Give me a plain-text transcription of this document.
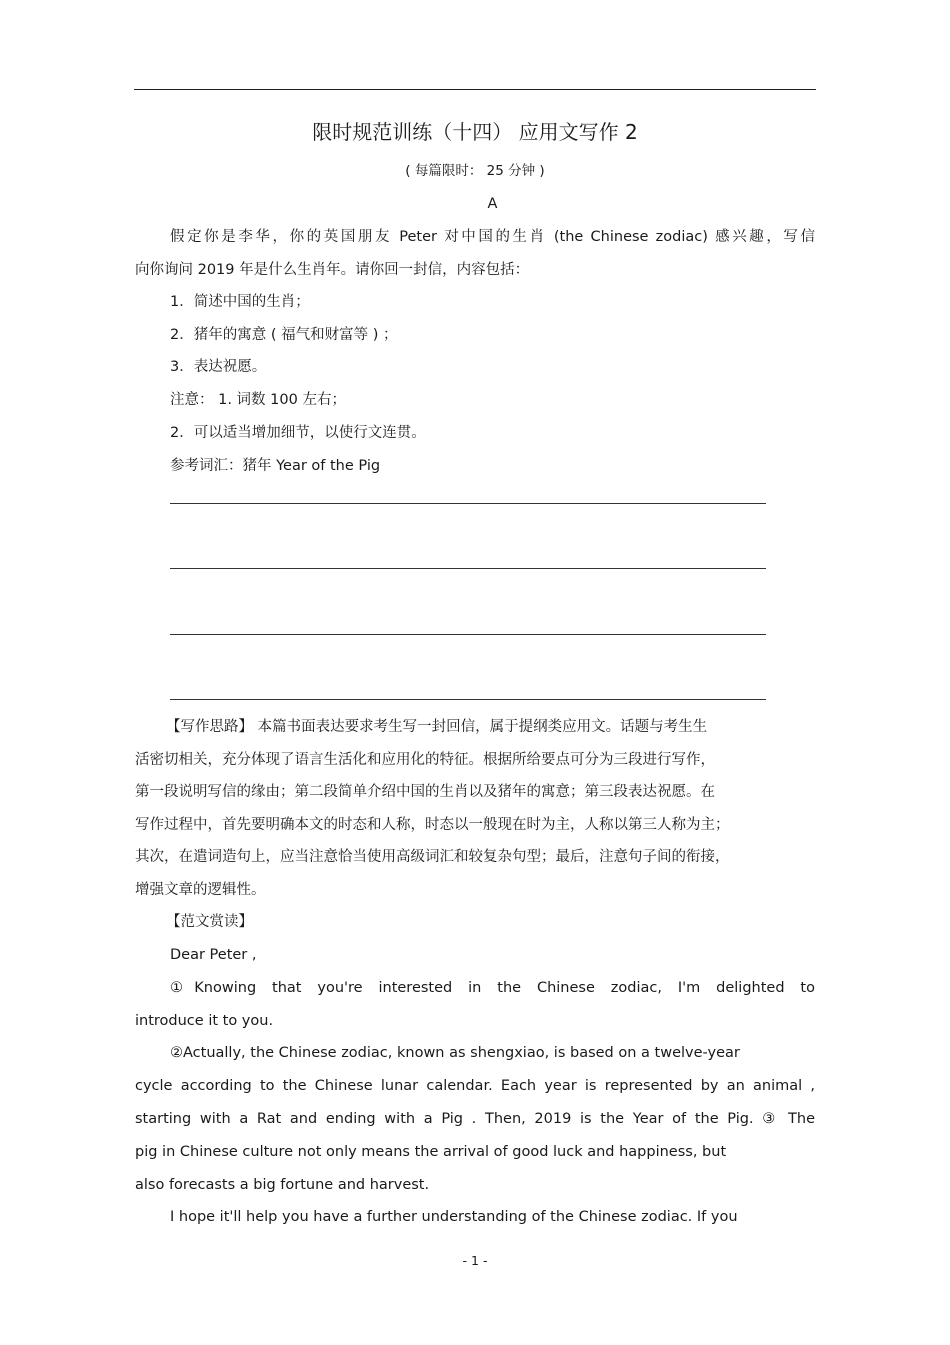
限时规范训练（十四） 应用文写作 2
( 每篇限时： 25 分钟 )
A
假定你是李华，你的英国朋友 Peter 对中国的生肖 (the Chinese zodiac) 感兴趣，写信
向你询问 2019 年是什么生肖年。请你回一封信，内容包括：
1．简述中国的生肖；
2．猪年的寓意 ( 福气和财富等 ) ；
3．表达祝愿。
注意： 1. 词数 100 左右；
2．可以适当增加细节，以使行文连贯。
参考词汇：猪年 Year of the Pig
【写作思路】 本篇书面表达要求考生写一封回信，属于提纲类应用文。话题与考生生
活密切相关，充分体现了语言生活化和应用化的特征。根据所给要点可分为三段进行写作，
第一段说明写信的缘由；第二段简单介绍中国的生肖以及猪年的寓意；第三段表达祝愿。在
写作过程中，首先要明确本文的时态和人称，时态以一般现在时为主，人称以第三人称为主；
其次，在遣词造句上，应当注意恰当使用高级词汇和较复杂句型；最后，注意句子间的衔接，
增强文章的逻辑性。
【范文赏读】
Dear Peter ,
①Knowing that you're interested in the Chinese zodiac, I'm delighted to
introduce it to you.
②Actually, the Chinese zodiac, known as shengxiao, is based on a twelve-year
cycle according to the Chinese lunar calendar. Each year is represented by an animal ,
starting with a Rat and ending with a Pig . Then, 2019 is the Year of the Pig. ③ The
pig in Chinese culture not only means the arrival of good luck and happiness, but
also forecasts a big fortune and harvest.
I hope it'll help you have a further understanding of the Chinese zodiac. If you
- 1 -
